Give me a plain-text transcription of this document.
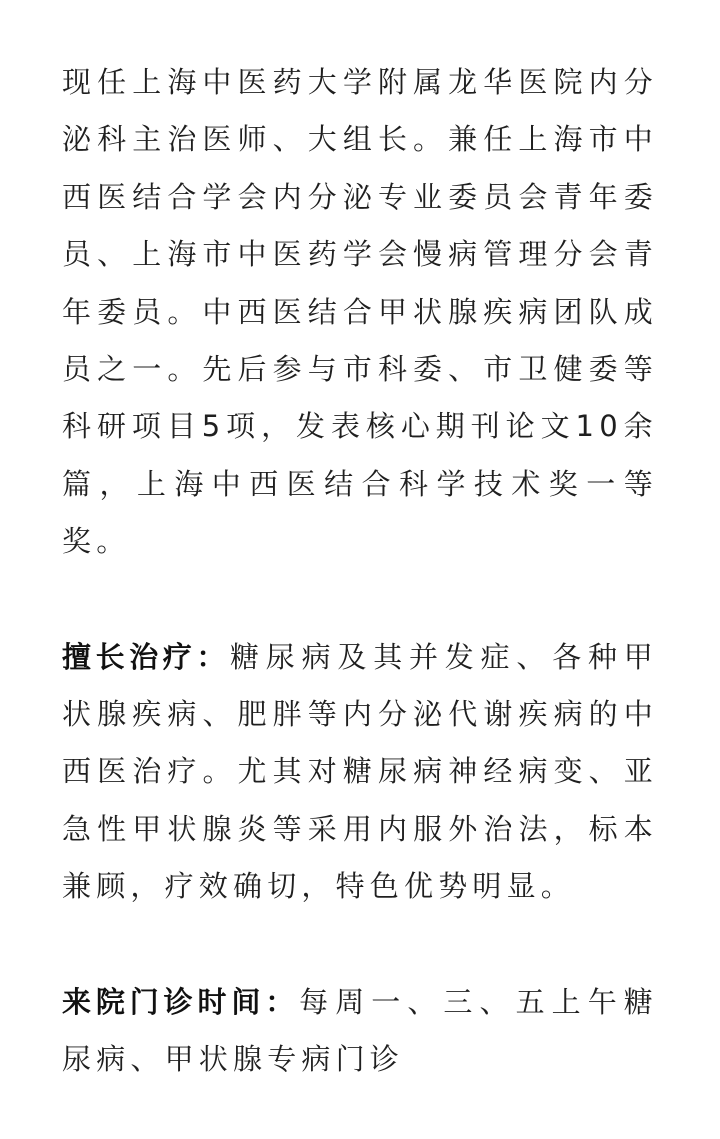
现任上海中医药大学附属龙华医院内分泌科主治医师、大组长。兼任上海市中西医结合学会内分泌专业委员会青年委员、上海市中医药学会慢病管理分会青年委员。中西医结合甲状腺疾病团队成员之一。先后参与市科委、市卫健委等科研项目5项，发表核心期刊论文10余篇，上海中西医结合科学技术奖一等奖。

擅长治疗：糖尿病及其并发症、各种甲状腺疾病、肥胖等内分泌代谢疾病的中西医治疗。尤其对糖尿病神经病变、亚急性甲状腺炎等采用内服外治法，标本兼顾，疗效确切，特色优势明显。

来院门诊时间：每周一、三、五上午糖尿病、甲状腺专病门诊
